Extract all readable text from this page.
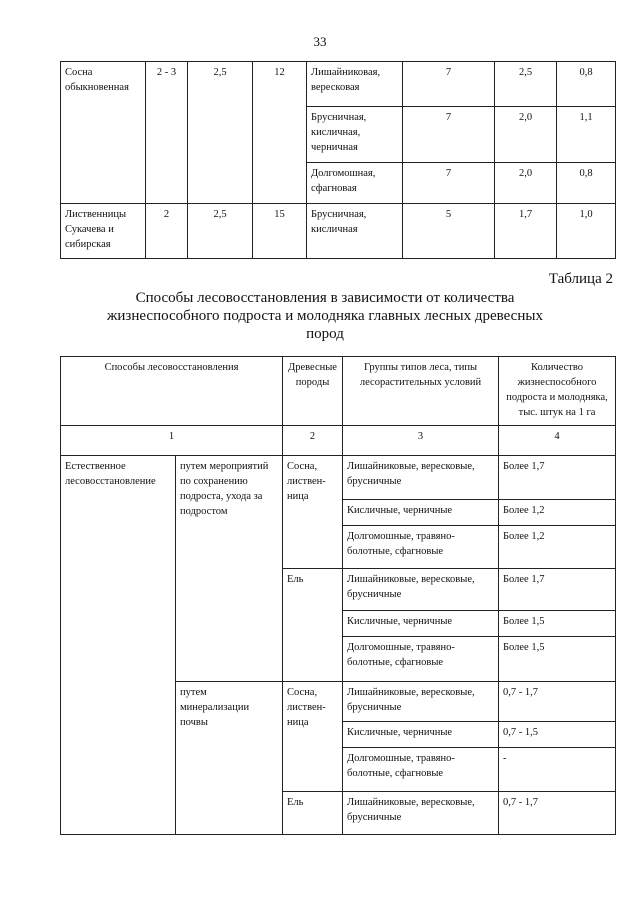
33
Сосна обыкновенная	2 - 3	2,5	12	Лишайниковая, вересковая	7	2,5	0,8
				Брусничная, кисличная, черничная	7	2,0	1,1
				Долгомошная, сфагновая	7	2,0	0,8
Лиственницы Сукачева и сибирская	2	2,5	15	Брусничная, кисличная	5	1,7	1,0
Таблица 2
Способы лесовосстановления в зависимости от количества жизнеспособного подроста и молодняка главных лесных древесных пород
Способы лесовосстановления		Древесные породы	Группы типов леса, типы лесорастительных условий	Количество жизнеспособного подроста и молодняка, тыс. штук на 1 га
1		2	3	4
Естественное лесовосстановление	путем мероприятий по сохранению подроста, ухода за подростом	Сосна, листвен-ница	Лишайниковые, вересковые, брусничные	Более 1,7
			Кисличные, черничные	Более 1,2
			Долгомошные, травяно-болотные, сфагновые	Более 1,2
		Ель	Лишайниковые, вересковые, брусничные	Более 1,7
			Кисличные, черничные	Более 1,5
			Долгомошные, травяно-болотные, сфагновые	Более 1,5
	путем минерализации почвы	Сосна, листвен-ница	Лишайниковые, вересковые, брусничные	0,7 - 1,7
			Кисличные, черничные	0,7 - 1,5
			Долгомошные, травяно-болотные, сфагновые	-
		Ель	Лишайниковые, вересковые, брусничные	0,7 - 1,7
